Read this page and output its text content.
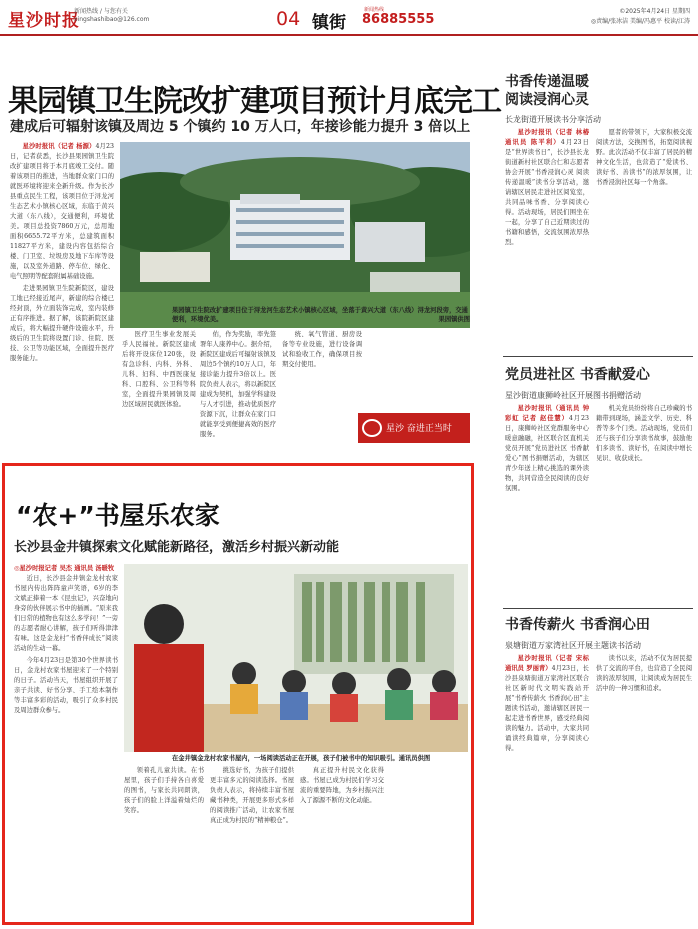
星沙时报
新闻热线 / 与您有关
xingshashibao@126.com	04 镇街
新闻热线
86885555
©2025年4月24日 星期四
◎责编/张冰洁 美编/冯惠平 校读/江涛
果园镇卫生院改扩建项目预计月底完工
建成后可辐射该镇及周边 5 个镇约 10 万人口，年接诊能力提升 3 倍以上

星沙时报讯（记者 杨源）4月23日，记者获悉，长沙县果园镇卫生院改扩建项目将于本月底竣工交付。随着该项目的推进，当地群众家门口的就医环境将迎来全新升级。作为长沙县重点民生工程，该项目位于浔龙河生态艺术小镇核心区域，东临于黄兴大道（东八线），交通便利，环境优美。项目总投资7860万元，总用地面积6655.72平方米，总建筑面积11827平方米，建设内容包括综合楼、门卫室、垃圾房及地下车库等设施，以及室外道路、停车位、绿化、电气照明等配套附属基础设施。

走进果园镇卫生院新院区，建设工地已经接近尾声，新建的综合楼已经封顶，外立面装饰完成，室内装修正有序推进。据了解，该院新院区建成后，将大幅提升硬件设施水平，升级后的卫生院将设置门诊、住院、医技、公卫等功能区域，全面提升医疗服务能力。

果园镇卫生院改扩建项目位于浔龙河生态艺术小镇核心区域，坐落于黄兴大道（东八线）浔龙河段旁，交通便利，环境优美。	果园镇供图

医疗卫生事业发展关乎人民福祉。新院区建成后将开设床位120张，设有急诊科、内科、外科、儿科、妇科、中西医康复科、口腔科、公卫科等科室，全面提升果园镇及周边区域居民就医体验。

佑，作为奖励，率先签署年人康养中心。据介绍，新院区建成后可辐射该镇及周边5个镇约10万人口，年接诊能力提升3倍以上。医院负责人表示，将以新院区建成为契机，加强学科建设与人才引进，推动优质医疗资源下沉，让群众在家门口就能享受到便捷高效的医疗服务。

统、氧气管道、厨房设备等专业设施，进行设备调试和验收工作，确保项目按期交付使用。

星沙 奋进正当时
书香传递温暖
阅读浸润心灵
长龙街道开展读书分享活动

星沙时报讯（记者 林椿 通讯员 陈平利）4月23日是“世界读书日”，长沙县长龙街道新村社区联合仁和志愿者协会开展“书香浸润心灵 阅读传递温暖”读书分享活动，邀请辖区居民走进社区阅览室，共同品味书香、分享阅读心得。活动现场，居民们围坐在一起，分享了自己近期读过的书籍和感悟，交流氛围浓厚热烈。

愿者的带领下，大家积极交流阅读方法，交换图书，拓宽阅读视野。此次活动不仅丰富了居民的精神文化生活，也营造了“爱读书、读好书、善读书”的浓厚氛围，让书香浸润社区每一个角落。

党员进社区 书香献爱心
星沙街道康狮岭社区开展图书捐赠活动

星沙时报讯（通讯员 钟彩虹 记者 赵佳慧）4月23日，康狮岭社区党群服务中心暖意融融，社区联合区直机关党员开展“党员进社区 书香献爱心”图书捐赠活动，为辖区青少年送上精心挑选的课外读物，共同营造全民阅读的良好氛围。

机关党员纷纷将自己珍藏的书籍带到现场，涵盖文学、历史、科普等多个门类。活动现场，党员们还与孩子们分享读书故事，鼓励他们多读书、读好书，在阅读中增长见识、收获成长。

书香传薪火 书香润心田
泉塘街道万家湾社区开展主题读书活动

星沙时报讯（记者 宋标 通讯员 罗丽青）4月23日，长沙县泉塘街道万家湾社区联合社区新时代文明实践站开展“书香传薪火 书香润心田”主题读书活动，邀请辖区居民一起走进书香世界，感受经典阅读的魅力。活动中，大家共同诵读经典篇章，分享阅读心得。

读书以来，活动不仅为居民提供了交流的平台，也营造了全民阅读的浓厚氛围，让阅读成为居民生活中的一种习惯和追求。

“农+”书屋乐农家
长沙县金井镇探索文化赋能新路径，激活乡村振兴新动能

◎星沙时报记者 吴杰 通讯员 汤暖牧

近日，长沙县金井镇金龙村农家书屋内传出阵阵童声笑语，6岁的李文斌正捧着一本《昆虫记》，兴奋地向身旁的伙伴展示书中的插画。“原来我们日常的植物也有这么多学问！”一旁的志愿者耐心讲解，孩子们听得津津有味。这是金龙村“书香伴成长”阅读活动的生动一幕。

今年4月23日是第30个世界读书日，金龙村农家书屋迎来了一个特别的日子。活动当天，书屋组织开展了亲子共读、好书分享、手工绘本制作等丰富多彩的活动，吸引了众多村民及周边群众参与。

在金井镇金龙村农家书屋内，一场阅读活动正在开展，孩子们被书中的知识吸引。通讯员供图

领着孔儿童共读。在书屋里，孩子们手持各自喜爱的图书，与家长共同朗读，孩子们的脸上洋溢着灿烂的笑容。

挑选好书，为孩子们提供更丰富多元的阅读选择。书屋负责人表示，将持续丰富书屋藏书种类，开展更多形式多样的阅读推广活动，让农家书屋真正成为村民的“精神粮仓”。

真正提升村民文化获得感。书屋已成为村民们学习交流的重要阵地，为乡村振兴注入了源源不断的文化动能。
